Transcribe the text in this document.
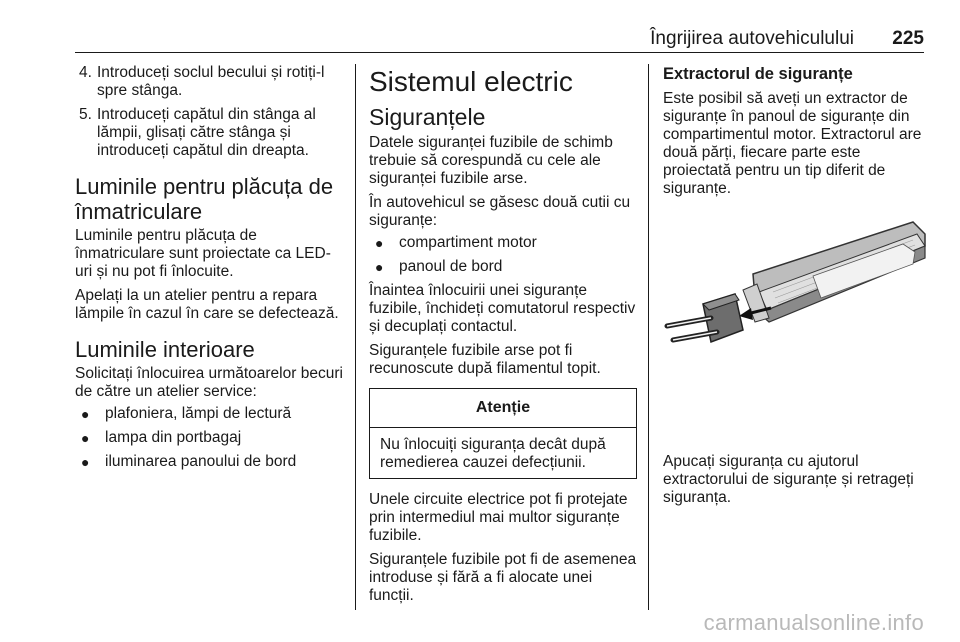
Îngrijirea autovehiculului 225
4. Introduceți soclul becului și rotiți-l spre stânga.
5. Introduceți capătul din stânga al lămpii, glisați către stânga și introduceți capătul din dreapta.
Luminile pentru plăcuța de înmatriculare

Luminile pentru plăcuța de înmatriculare sunt proiectate ca LED-uri și nu pot fi înlocuite.

Apelați la un atelier pentru a repara lămpile în cazul în care se defectează.

Luminile interioare

Solicitați înlocuirea următoarelor becuri de către un atelier service:

● plafoniera, lămpi de lectură
● lampa din portbagaj
● iluminarea panoului de bord
Sistemul electric
Siguranțele

Datele siguranței fuzibile de schimb trebuie să corespundă cu cele ale siguranței fuzibile arse.

În autovehicul se găsesc două cutii cu siguranțe:

● compartiment motor
● panoul de bord

Înaintea înlocuirii unei siguranțe fuzibile, închideți comutatorul respectiv și decuplați contactul.

Siguranțele fuzibile arse pot fi recunoscute după filamentul topit.

Atenție

Nu înlocuiți siguranța decât după remedierea cauzei defecțiunii.

Unele circuite electrice pot fi protejate prin intermediul mai multor siguranțe fuzibile.

Siguranțele fuzibile pot fi de asemenea introduse și fără a fi alocate unei funcții.

Extractorul de siguranțe

Este posibil să aveți un extractor de siguranțe în panoul de siguranțe din compartimentul motor. Extractorul are două părți, fiecare parte este proiectată pentru un tip diferit de siguranțe.

Apucați siguranța cu ajutorul extractorului de siguranțe și retrageți siguranța.

carmanualsonline.info
